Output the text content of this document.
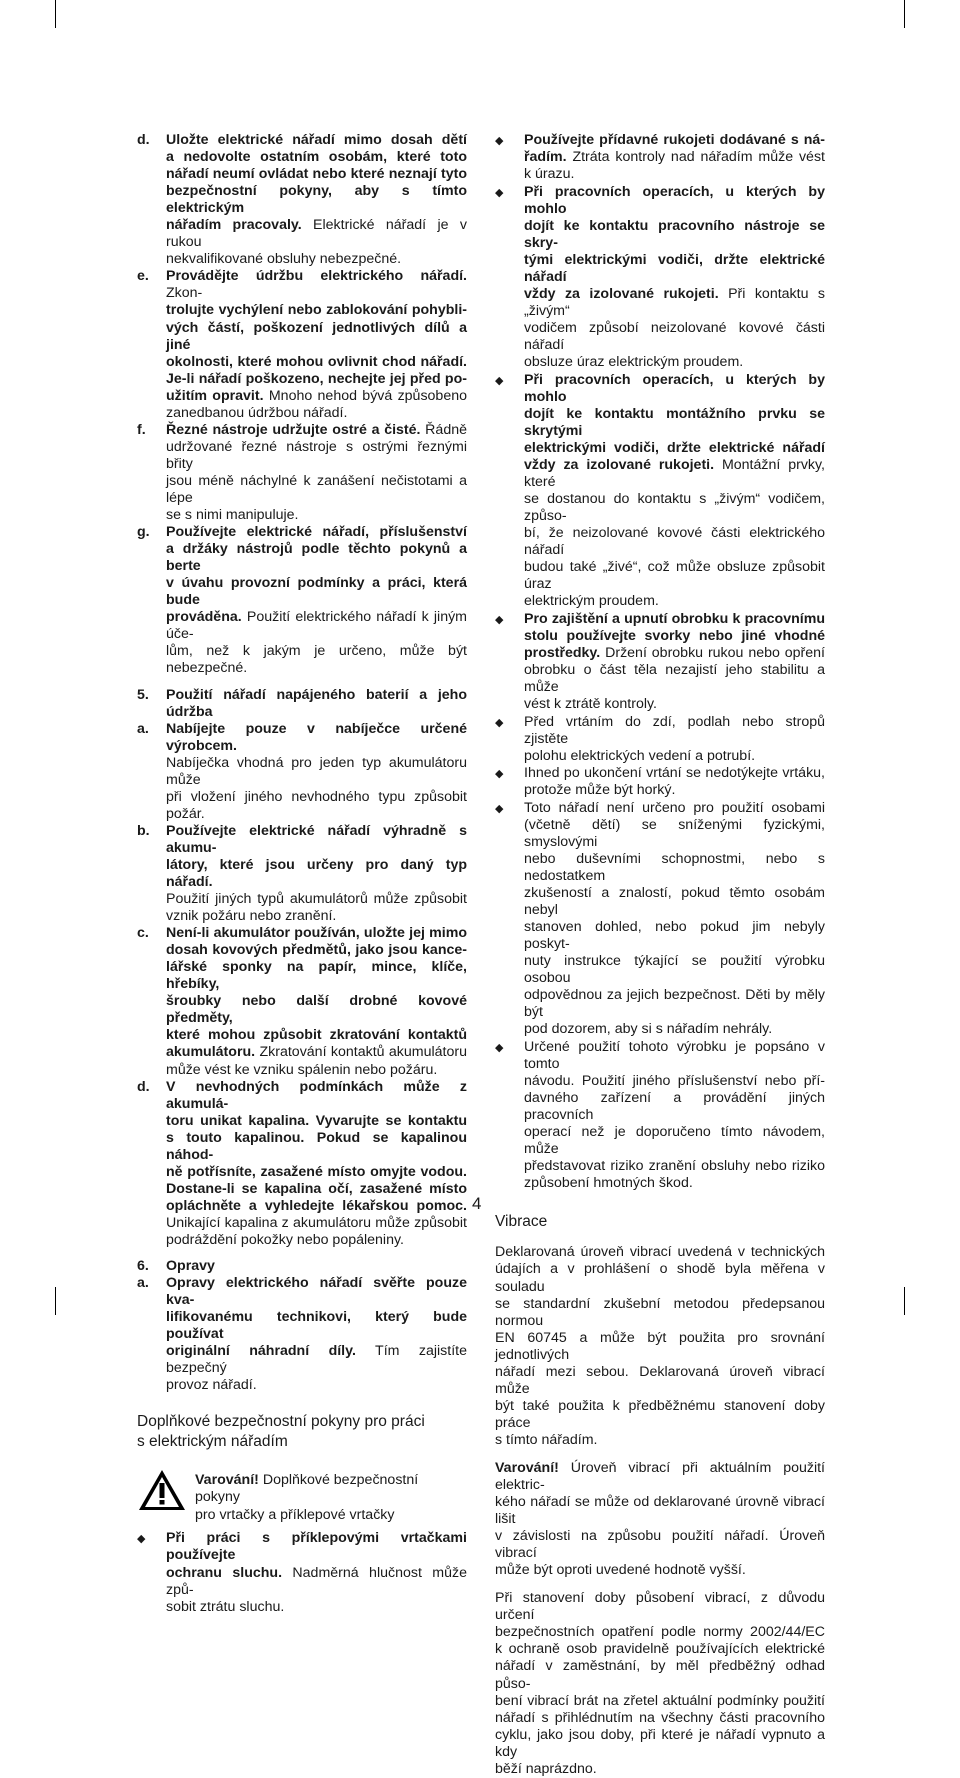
d. Uložte elektrické nářadí mimo dosah dětí
a nedovolte ostatním osobám, které toto
nářadí neumí ovládat nebo které neznají tyto
bezpečnostní pokyny, aby s tímto elektrickým
nářadím pracovaly. Elektrické nářadí je v rukou
nekvalifikované obsluhy nebezpečné.
e. Provádějte údržbu elektrického nářadí. Zkon-
trolujte vychýlení nebo zablokování pohybli-
vých částí, poškození jednotlivých dílů a jiné
okolnosti, které mohou ovlivnit chod nářadí.
Je-li nářadí poškozeno, nechejte jej před po-
užitím opravit. Mnoho nehod bývá způsobeno
zanedbanou údržbou nářadí.
f. Řezné nástroje udržujte ostré a čisté. Řádně
udržované řezné nástroje s ostrými řeznými břity
jsou méně náchylné k zanášení nečistotami a lépe
se s nimi manipuluje.
g. Používejte elektrické nářadí, příslušenství
a držáky nástrojů podle těchto pokynů a berte
v úvahu provozní podmínky a práci, která bude
prováděna. Použití elektrického nářadí k jiným úče-
lům, než k jakým je určeno, může být nebezpečné.
5. Použití nářadí napájeného baterií a jeho údržba
a. Nabíjejte pouze v nabíječce určené výrobcem.
Nabíječka vhodná pro jeden typ akumulátoru může
při vložení jiného nevhodného typu způsobit požár.
b. Používejte elektrické nářadí výhradně s akumu-
látory, které jsou určeny pro daný typ nářadí.
Použití jiných typů akumulátorů může způsobit
vznik požáru nebo zranění.
c. Není-li akumulátor používán, uložte jej mimo
dosah kovových předmětů, jako jsou kance-
lářské sponky na papír, mince, klíče, hřebíky,
šroubky nebo další drobné kovové předměty,
které mohou způsobit zkratování kontaktů
akumulátoru. Zkratování kontaktů akumulátoru
může vést ke vzniku spálenin nebo požáru.
d. V nevhodných podmínkách může z akumulá-
toru unikat kapalina. Vyvarujte se kontaktu
s touto kapalinou. Pokud se kapalinou náhod-
ně potřísníte, zasažené místo omyjte vodou.
Dostane-li se kapalina očí, zasažené místo
opláchněte a vyhledejte lékařskou pomoc.
Unikající kapalina z akumulátoru může způsobit
podráždění pokožky nebo popáleniny.
6. Opravy
a. Opravy elektrického nářadí svěřte pouze kva-
lifikovanému technikovi, který bude používat
originální náhradní díly. Tím zajistíte bezpečný
provoz nářadí.
Doplňkové bezpečnostní pokyny pro práci
s elektrickým nářadím
Varování! Doplňkové bezpečnostní pokyny
pro vrtačky a příklepové vrtačky
◆ Při práci s příklepovými vrtačkami používejte
ochranu sluchu. Nadměrná hlučnost může způ-
sobit ztrátu sluchu.
◆ Používejte přídavné rukojeti dodávané s ná-
řadím. Ztráta kontroly nad nářadím může vést
k úrazu.
◆ Při pracovních operacích, u kterých by mohlo
dojít ke kontaktu pracovního nástroje se skry-
tými elektrickými vodiči, držte elektrické nářadí
vždy za izolované rukojeti. Při kontaktu s „živým“
vodičem způsobí neizolované kovové části nářadí
obsluze úraz elektrickým proudem.
◆ Při pracovních operacích, u kterých by mohlo
dojít ke kontaktu montážního prvku se skrytými
elektrickými vodiči, držte elektrické nářadí
vždy za izolované rukojeti. Montážní prvky, které
se dostanou do kontaktu s „živým“ vodičem, způso-
bí, že neizolované kovové části elektrického nářadí
budou také „živé“, což může obsluze způsobit úraz
elektrickým proudem.
◆ Pro zajištění a upnutí obrobku k pracovnímu
stolu používejte svorky nebo jiné vhodné
prostředky. Držení obrobku rukou nebo opření
obrobku o část těla nezajistí jeho stabilitu a může
vést k ztrátě kontroly.
◆ Před vrtáním do zdí, podlah nebo stropů zjistěte
polohu elektrických vedení a potrubí.
◆ Ihned po ukončení vrtání se nedotýkejte vrtáku,
protože může být horký.
◆ Toto nářadí není určeno pro použití osobami
(včetně dětí) se sníženými fyzickými, smyslovými
nebo duševními schopnostmi, nebo s nedostatkem
zkušeností a znalostí, pokud těmto osobám nebyl
stanoven dohled, nebo pokud jim nebyly poskyt-
nuty instrukce týkající se použití výrobku osobou
odpovědnou za jejich bezpečnost. Děti by měly být
pod dozorem, aby si s nářadím nehrály.
◆ Určené použití tohoto výrobku je popsáno v tomto
návodu. Použití jiného příslušenství nebo pří-
davného zařízení a provádění jiných pracovních
operací než je doporučeno tímto návodem, může
představovat riziko zranění obsluhy nebo riziko
způsobení hmotných škod.
Vibrace
Deklarovaná úroveň vibrací uvedená v technických
údajích a v prohlášení o shodě byla měřena v souladu
se standardní zkušební metodou předepsanou normou
EN 60745 a může být použita pro srovnání jednotlivých
nářadí mezi sebou. Deklarovaná úroveň vibrací může
být také použita k předběžnému stanovení doby práce
s tímto nářadím.
Varování! Úroveň vibrací při aktuálním použití elektric-
kého nářadí se může od deklarované úrovně vibrací lišit
v závislosti na způsobu použití nářadí. Úroveň vibrací
může být oproti uvedené hodnotě vyšší.
Při stanovení doby působení vibrací, z důvodu určení
bezpečnostních opatření podle normy 2002/44/EC
k ochraně osob pravidelně používajících elektrické
nářadí v zaměstnání, by měl předběžný odhad půso-
bení vibrací brát na zřetel aktuální podmínky použití
nářadí s přihlédnutím na všechny části pracovního
cyklu, jako jsou doby, při které je nářadí vypnuto a kdy
běží naprázdno.
4
